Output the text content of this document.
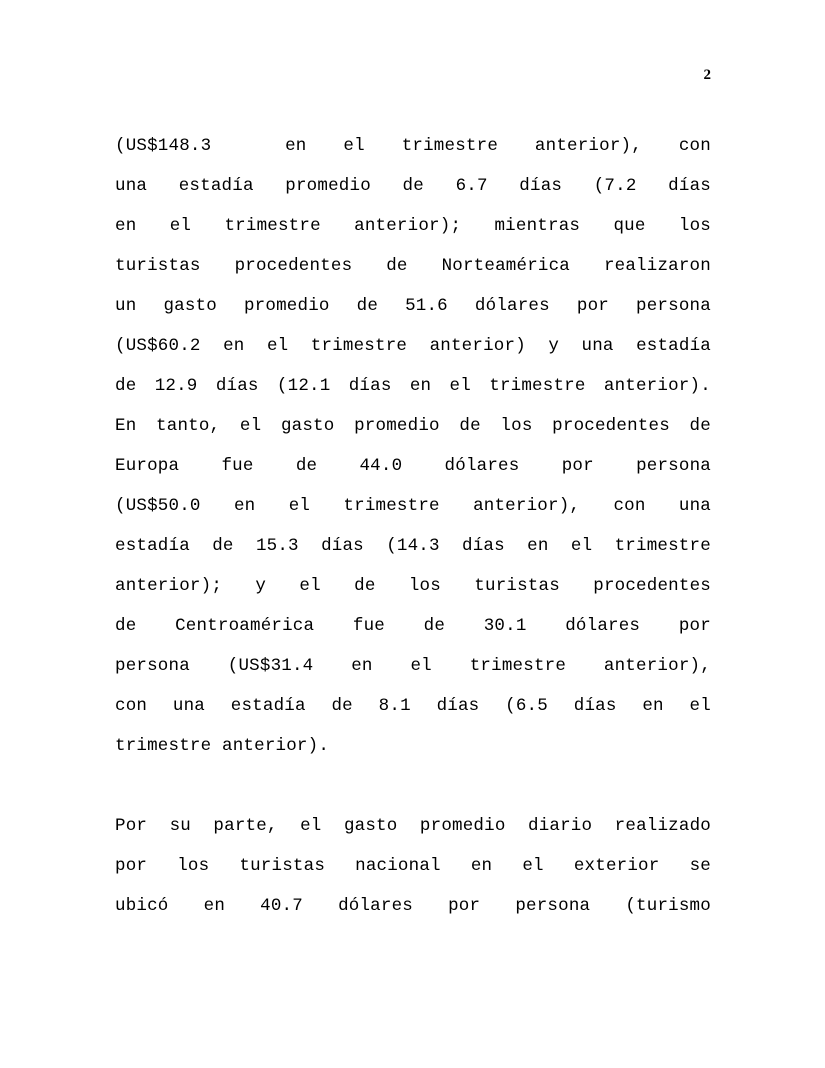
2
(US$148.3	en el trimestre anterior), con
una estadía promedio de 6.7 días (7.2 días
en el trimestre anterior); mientras que los
turistas procedentes de Norteamérica realizaron
un gasto promedio de 51.6 dólares por persona
(US$60.2 en el trimestre anterior) y una estadía
de 12.9 días (12.1 días en el trimestre anterior).
En tanto, el gasto promedio de los procedentes de
Europa fue de 44.0 dólares por persona
(US$50.0 en el trimestre anterior), con una
estadía de 15.3 días (14.3 días en el trimestre
anterior); y el de los turistas procedentes
de Centroamérica fue de 30.1 dólares por
persona (US$31.4 en el trimestre anterior),
con una estadía de 8.1 días (6.5 días en el
trimestre anterior).
Por su parte, el gasto promedio diario realizado
por los turistas nacional en el exterior se
ubicó en 40.7 dólares por persona (turismo
